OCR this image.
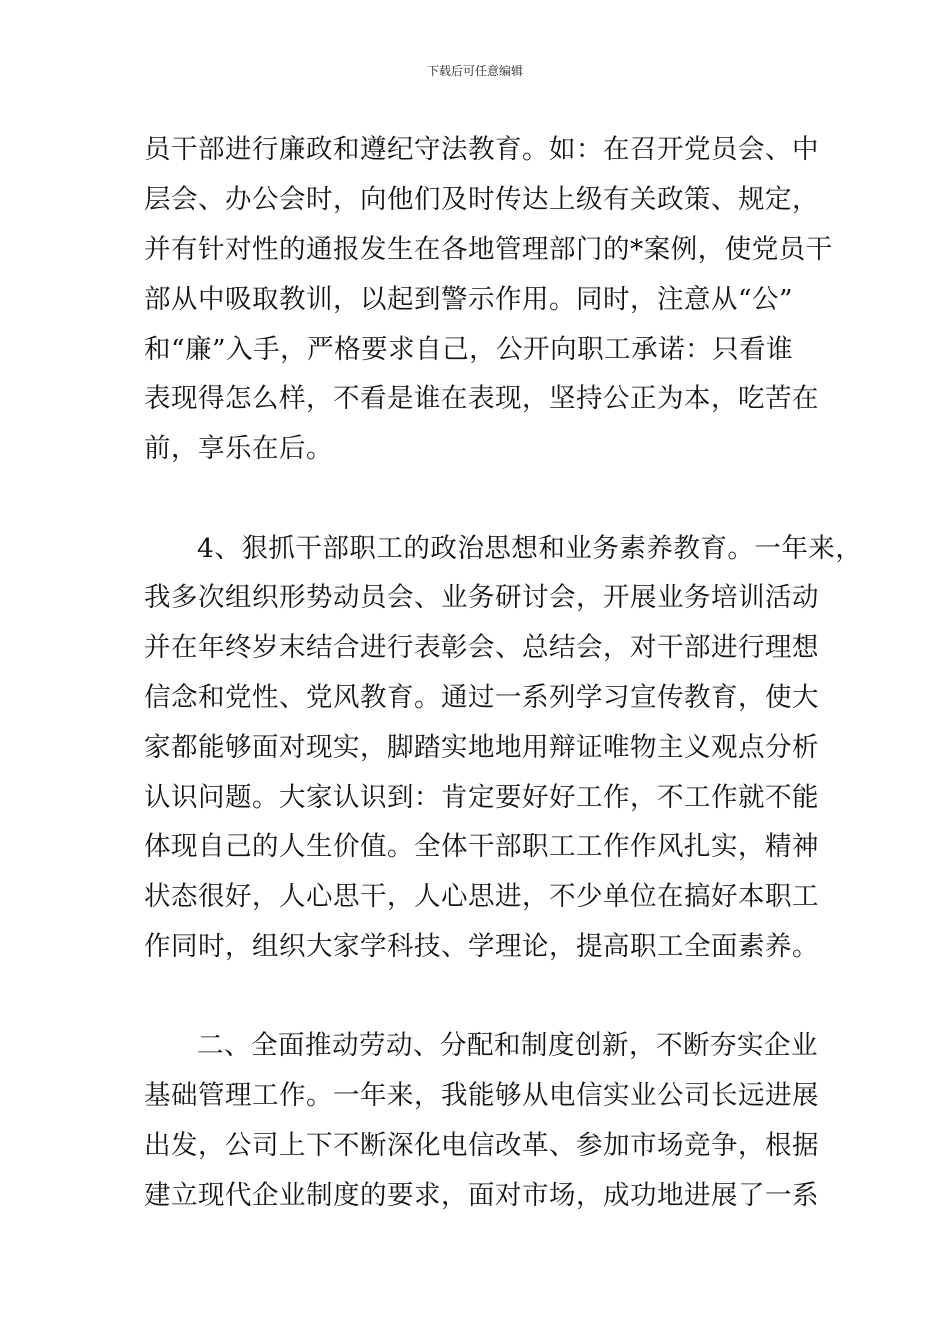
下载后可任意编辑
员干部进行廉政和遵纪守法教育。如：在召开党员会、中
层会、办公会时，向他们及时传达上级有关政策、规定，
并有针对性的通报发生在各地管理部门的*案例，使党员干
部从中吸取教训，以起到警示作用。同时，注意从“公”
和“廉”入手，严格要求自己，公开向职工承诺：只看谁
表现得怎么样，不看是谁在表现，坚持公正为本，吃苦在
前，享乐在后。
4、狠抓干部职工的政治思想和业务素养教育。一年来，
我多次组织形势动员会、业务研讨会，开展业务培训活动
并在年终岁末结合进行表彰会、总结会，对干部进行理想
信念和党性、党风教育。通过一系列学习宣传教育，使大
家都能够面对现实，脚踏实地地用辩证唯物主义观点分析
认识问题。大家认识到：肯定要好好工作，不工作就不能
体现自己的人生价值。全体干部职工工作作风扎实，精神
状态很好，人心思干，人心思进，不少单位在搞好本职工
作同时，组织大家学科技、学理论，提高职工全面素养。
二、全面推动劳动、分配和制度创新，不断夯实企业
基础管理工作。一年来，我能够从电信实业公司长远进展
出发，公司上下不断深化电信改革、参加市场竞争，根据
建立现代企业制度的要求，面对市场，成功地进展了一系
